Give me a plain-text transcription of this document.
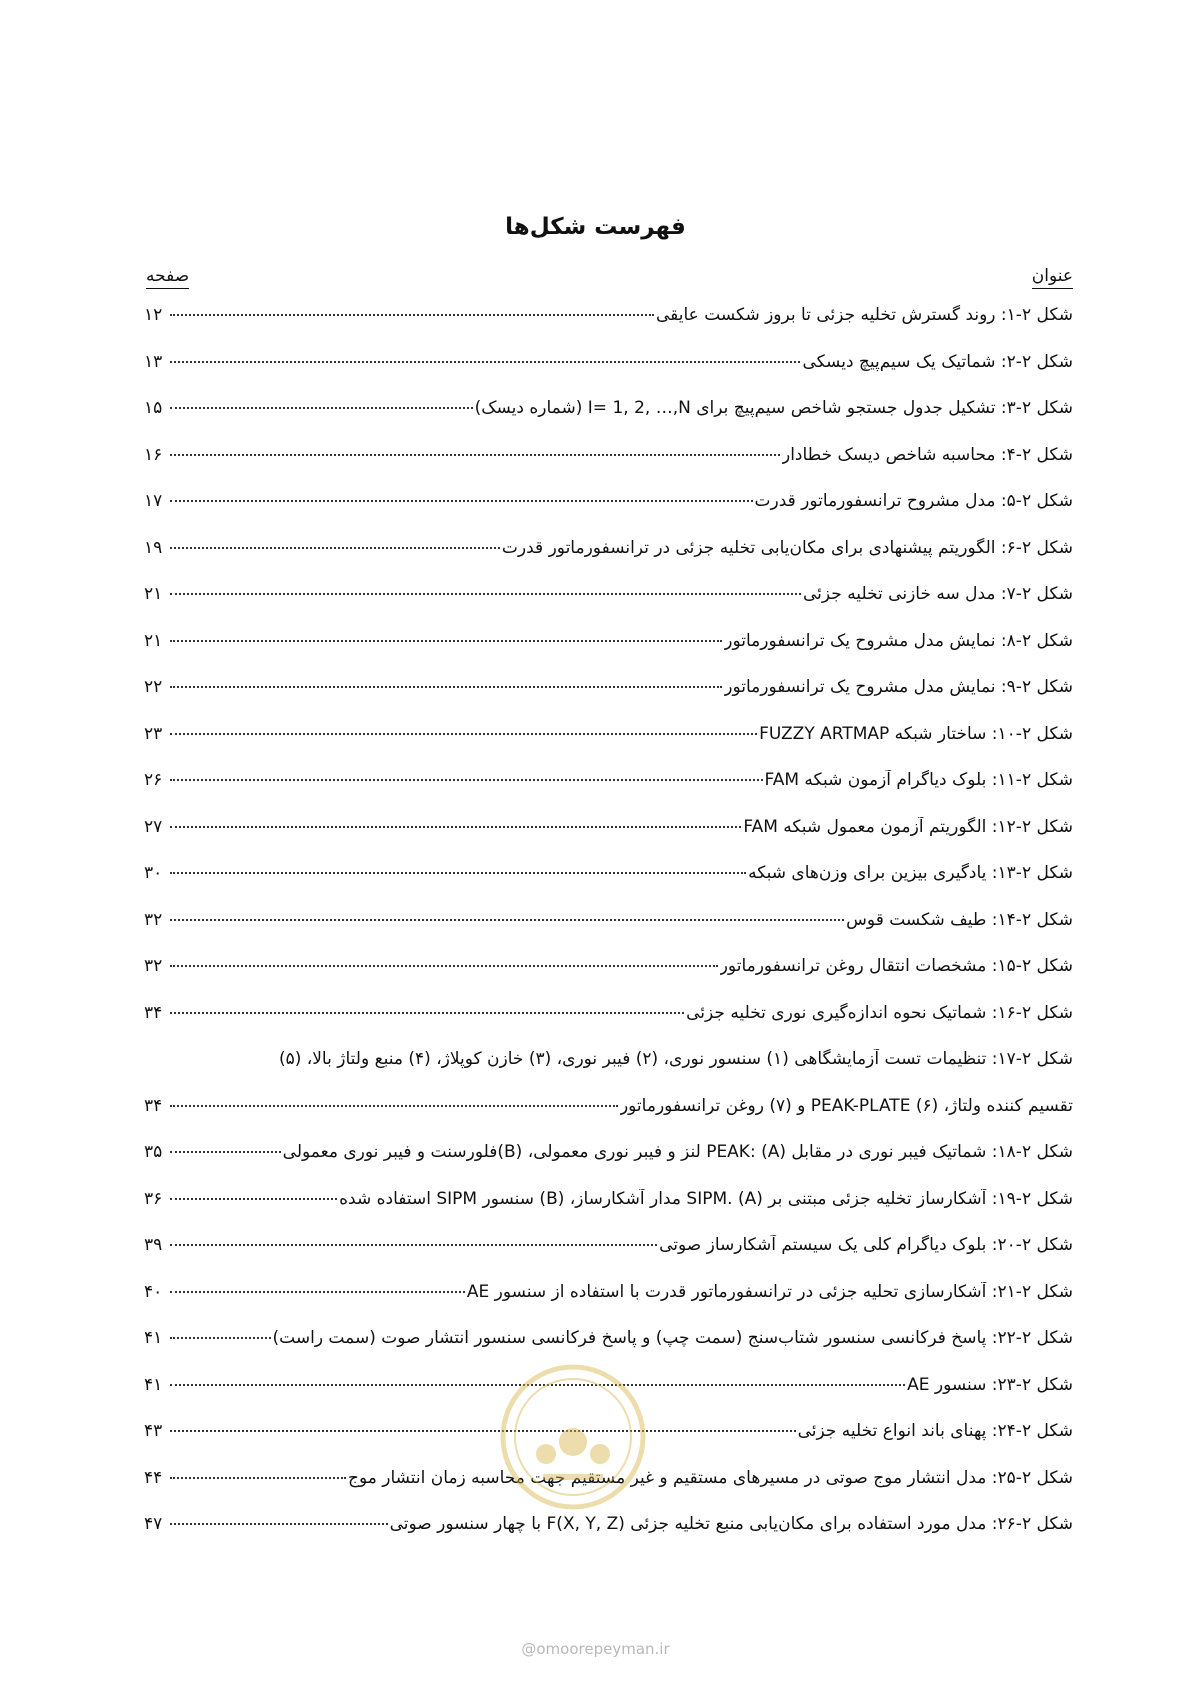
فهرست شکل‌ها
عنوان
صفحه
شکل ۲-۱: روند گسترش تخلیه جزئی تا بروز شکست عایقی
۱۲
شکل ۲-۲: شماتیک یک سیم‌پیچ دیسکی
۱۳
شکل ۲-۳: تشکیل جدول جستجو شاخص سیم‌پیچ برای I= 1, 2, …,N (شماره دیسک)
۱۵
شکل ۲-۴: محاسبه شاخص دیسک خطادار
۱۶
شکل ۲-۵: مدل مشروح ترانسفورماتور قدرت
۱۷
شکل ۲-۶: الگوریتم پیشنهادی برای مکان‌یابی تخلیه جزئی در ترانسفورماتور قدرت
۱۹
شکل ۲-۷: مدل سه خازنی تخلیه جزئی
۲۱
شکل ۲-۸: نمایش مدل مشروح یک ترانسفورماتور
۲۱
شکل ۲-۹: نمایش مدل مشروح یک ترانسفورماتور
۲۲
شکل ۲-۱۰: ساختار شبکه FUZZY ARTMAP
۲۳
شکل ۲-۱۱: بلوک دیاگرام آزمون شبکه FAM
۲۶
شکل ۲-۱۲: الگوریتم آزمون معمول شبکه FAM
۲۷
شکل ۲-۱۳: یادگیری بیزین برای وزن‌های شبکه
۳۰
شکل ۲-۱۴: طیف شکست قوس
۳۲
شکل ۲-۱۵: مشخصات انتقال روغن ترانسفورماتور
۳۲
شکل ۲-۱۶: شماتیک نحوه اندازه‌گیری نوری تخلیه جزئی
۳۴
شکل ۲-۱۷: تنظیمات تست آزمایشگاهی (۱) سنسور نوری، (۲) فیبر نوری، (۳) خازن کوپلاژ، (۴) منبع ولتاژ بالا، (۵)
تقسیم کننده ولتاژ، (۶) PEAK-PLATE و (۷) روغن ترانسفورماتور
۳۴
شکل ۲-۱۸: شماتیک فیبر نوری در مقابل PEAK: (A) لنز و فیبر نوری معمولی، (B)فلورسنت و فیبر نوری معمولی
۳۵
شکل ۲-۱۹: آشکارساز تخلیه جزئی مبتنی بر SIPM. (A) مدار آشکارساز، (B) سنسور SIPM استفاده شده
۳۶
شکل ۲-۲۰: بلوک دیاگرام کلی یک سیستم آشکارساز صوتی
۳۹
شکل ۲-۲۱: آشکارسازی تحلیه جزئی در ترانسفورماتور قدرت با استفاده از سنسور AE
۴۰
شکل ۲-۲۲: پاسخ فرکانسی سنسور شتاب‌سنج (سمت چپ) و پاسخ فرکانسی سنسور انتشار صوت (سمت راست)
۴۱
شکل ۲-۲۳: سنسور AE
۴۱
شکل ۲-۲۴: پهنای باند انواع تخلیه جزئی
۴۳
شکل ۲-۲۵: مدل انتشار موج صوتی در مسیرهای مستقیم و غیر مستقیم جهت محاسبه زمان انتشار موج
۴۴
شکل ۲-۲۶: مدل مورد استفاده برای مکان‌یابی منبع تخلیه جزئی F(X, Y, Z) با چهار سنسور صوتی
۴۷
@omoorepeyman.ir
